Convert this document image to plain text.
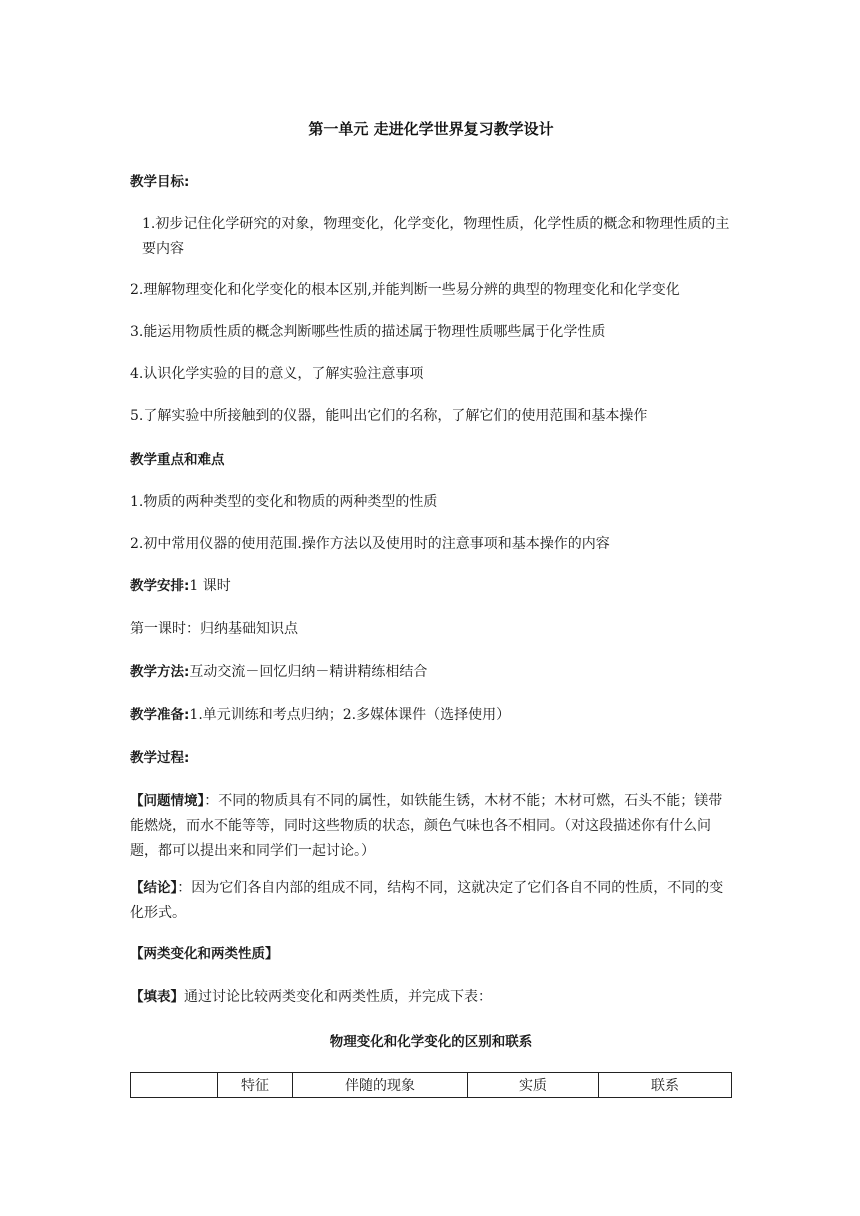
第一单元 走进化学世界复习教学设计
教学目标:
1.初步记住化学研究的对象，物理变化，化学变化，物理性质，化学性质的概念和物理性质的主要内容
2.理解物理变化和化学变化的根本区别,并能判断一些易分辨的典型的物理变化和化学变化
3.能运用物质性质的概念判断哪些性质的描述属于物理性质哪些属于化学性质
4.认识化学实验的目的意义，了解实验注意事项
5.了解实验中所接触到的仪器，能叫出它们的名称，了解它们的使用范围和基本操作
教学重点和难点
1.物质的两种类型的变化和物质的两种类型的性质
2.初中常用仪器的使用范围.操作方法以及使用时的注意事项和基本操作的内容
教学安排:1 课时
第一课时：归纳基础知识点
教学方法:互动交流－回忆归纳－精讲精练相结合
教学准备:1.单元训练和考点归纳；2.多媒体课件（选择使用）
教学过程:
【问题情境】：不同的物质具有不同的属性，如铁能生锈，木材不能；木材可燃，石头不能；镁带能燃烧，而水不能等等，同时这些物质的状态，颜色气味也各不相同。（对这段描述你有什么问题，都可以提出来和同学们一起讨论。）
【结论】：因为它们各自内部的组成不同，结构不同，这就决定了它们各自不同的性质，不同的变化形式。
【两类变化和两类性质】
【填表】通过讨论比较两类变化和两类性质，并完成下表：
物理变化和化学变化的区别和联系
	特征	伴随的现象	实质	联系
